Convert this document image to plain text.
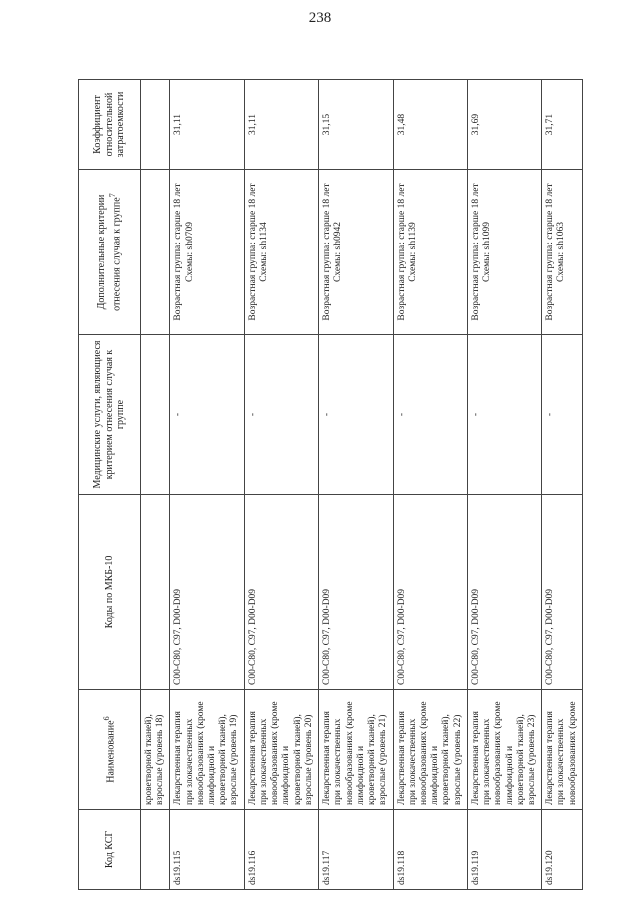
238
Код КСГ	Наименование$^6$	Коды по МКБ-10	Медицинские услуги, являющиеся критерием отнесения случая к группе	Дополнительные критерии отнесения случая к группе$^7$	Коэффициент относительной затратоемкости
	кроветворной тканей), взрослые (уровень 18)				
ds19.115	Лекарственная терапия при злокачественных новообразованиях (кроме лимфоидной и кроветворной тканей), взрослые (уровень 19)	C00-C80, C97, D00-D09	-	Возрастная группа: старше 18 лет Схемы: sh0709	31,11
ds19.116	Лекарственная терапия при злокачественных новообразованиях (кроме лимфоидной и кроветворной тканей), взрослые (уровень 20)	C00-C80, C97, D00-D09	-	Возрастная группа: старше 18 лет Схемы: sh1134	31,11
ds19.117	Лекарственная терапия при злокачественных новообразованиях (кроме лимфоидной и кроветворной тканей), взрослые (уровень 21)	C00-C80, C97, D00-D09	-	Возрастная группа: старше 18 лет Схемы: sh0942	31,15
ds19.118	Лекарственная терапия при злокачественных новообразованиях (кроме лимфоидной и кроветворной тканей), взрослые (уровень 22)	C00-C80, C97, D00-D09	-	Возрастная группа: старше 18 лет Схемы: sh1139	31,48
ds19.119	Лекарственная терапия при злокачественных новообразованиях (кроме лимфоидной и кроветворной тканей), взрослые (уровень 23)	C00-C80, C97, D00-D09	-	Возрастная группа: старше 18 лет Схемы: sh1099	31,69
ds19.120	Лекарственная терапия при злокачественных новообразованиях (кроме	C00-C80, C97, D00-D09	-	Возрастная группа: старше 18 лет Схемы: sh1063	31,71
